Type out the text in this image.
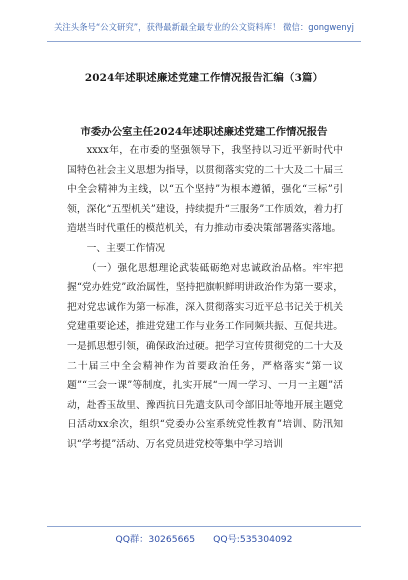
关注头条号“公文研究”，获得最新最全最专业的公文资料库！ 微信：gongwenyj
2024年述职述廉述党建工作情况报告汇编（3篇）
市委办公室主任2024年述职述廉述党建工作情况报告

xxxx年，在市委的坚强领导下，我坚持以习近平新时代中国特色社会主义思想为指导，以贯彻落实党的二十大及二十届三中全会精神为主线，以“五个坚持”为根本遵循，强化“三标”引领，深化“五型机关”建设，持续提升“三服务”工作质效，着力打造堪当时代重任的模范机关，有力推动市委决策部署落实落地。

一、主要工作情况

（一）强化思想理论武装砥砺绝对忠诚政治品格。牢牢把握“党办姓党”政治属性，坚持把旗帜鲜明讲政治作为第一要求，把对党忠诚作为第一标准，深入贯彻落实习近平总书记关于机关党建重要论述，推进党建工作与业务工作同频共振、互促共进。一是抓思想引领，确保政治过硬。把学习宣传贯彻党的二十大及二十届三中全会精神作为首要政治任务，严格落实“第一议题”“三会一课”等制度，扎实开展“一周一学习、一月一主题”活动，赴香玉故里、豫西抗日先遣支队司令部旧址等地开展主题党日活动xx余次，组织“党委办公室系统党性教育”培训、防汛知识“学考提”活动、万名党员进党校等集中学习培训

QQ群：30265665 QQ号:535304092
